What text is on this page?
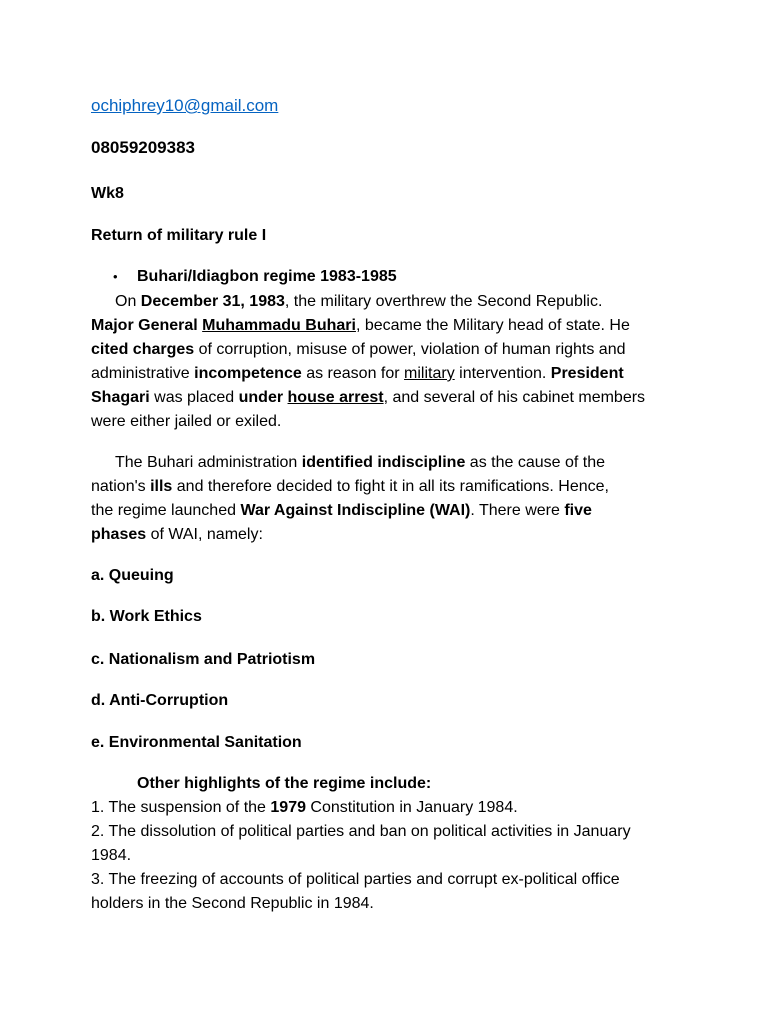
ochiphrey10@gmail.com
08059209383
Wk8
Return of military rule I
• Buhari/Idiagbon regime 1983-1985
On December 31, 1983, the military overthrew the Second Republic.
Major General Muhammadu Buhari, became the Military head of state. He
cited charges of corruption, misuse of power, violation of human rights and
administrative incompetence as reason for military intervention. President
Shagari was placed under house arrest, and several of his cabinet members
were either jailed or exiled.
The Buhari administration identified indiscipline as the cause of the
nation's ills and therefore decided to fight it in all its ramifications. Hence,
the regime launched War Against Indiscipline (WAI). There were five
phases of WAI, namely:
a. Queuing
b. Work Ethics
c. Nationalism and Patriotism
d. Anti-Corruption
e. Environmental Sanitation
Other highlights of the regime include:
1. The suspension of the 1979 Constitution in January 1984.
2. The dissolution of political parties and ban on political activities in January
1984.
3. The freezing of accounts of political parties and corrupt ex-political office
holders in the Second Republic in 1984.
